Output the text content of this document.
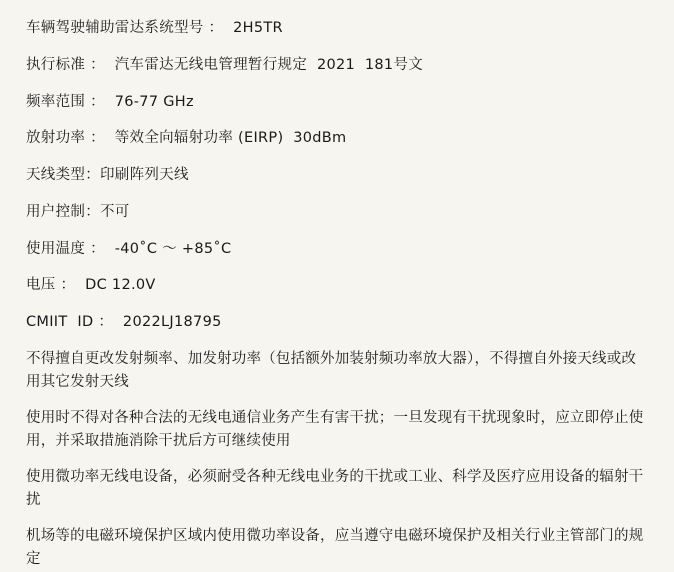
车辆驾驶辅助雷达系统型号 ：  2H5TR
执行标准 ：  汽车雷达无线电管理暂行规定  2021  181号文
频率范围 ：  76-77 GHz
放射功率 ：  等效全向辐射功率 (EIRP)  30dBm
天线类型：印刷阵列天线
用户控制：不可
使用温度 ：  -40˚C ～ +85˚C
电压 ：  DC 12.0V
CMIIT  ID ：  2022LJ18795
不得擅自更改发射频率、加发射功率（包括额外加装射频功率放大器），不得擅自外接天线或改用其它发射天线
使用时不得对各种合法的无线电通信业务产生有害干扰；一旦发现有干扰现象时，应立即停止使用，并采取措施消除干扰后方可继续使用
使用微功率无线电设备，必须耐受各种无线电业务的干扰或工业、科学及医疗应用设备的辐射干扰
机场等的电磁环境保护区域内使用微功率设备，应当遵守电磁环境保护及相关行业主管部门的规定
